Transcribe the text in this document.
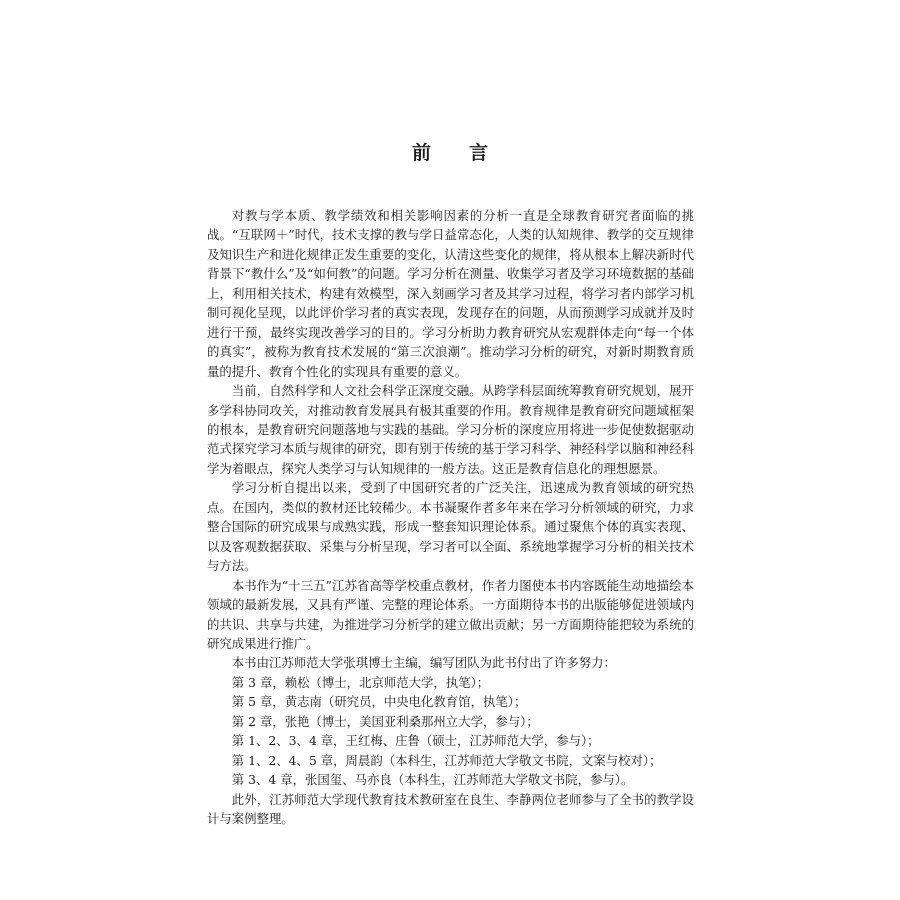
前言

对教与学本质、教学绩效和相关影响因素的分析一直是全球教育研究者面临的挑战。“互联网＋”时代，技术支撑的教与学日益常态化，人类的认知规律、教学的交互规律及知识生产和进化规律正发生重要的变化，认清这些变化的规律，将从根本上解决新时代背景下“教什么”及“如何教”的问题。学习分析在测量、收集学习者及学习环境数据的基础上，利用相关技术，构建有效模型，深入刻画学习者及其学习过程，将学习者内部学习机制可视化呈现，以此评价学习者的真实表现，发现存在的问题，从而预测学习成就并及时进行干预，最终实现改善学习的目的。学习分析助力教育研究从宏观群体走向“每一个体的真实”，被称为教育技术发展的“第三次浪潮”。推动学习分析的研究，对新时期教育质量的提升、教育个性化的实现具有重要的意义。

当前，自然科学和人文社会科学正深度交融。从跨学科层面统筹教育研究规划，展开多学科协同攻关，对推动教育发展具有极其重要的作用。教育规律是教育研究问题域框架的根本，是教育研究问题落地与实践的基础。学习分析的深度应用将进一步促使数据驱动范式探究学习本质与规律的研究，即有别于传统的基于学习科学、神经科学以脑和神经科学为着眼点，探究人类学习与认知规律的一般方法。这正是教育信息化的理想愿景。

学习分析自提出以来，受到了中国研究者的广泛关注，迅速成为教育领域的研究热点。在国内，类似的教材还比较稀少。本书凝聚作者多年来在学习分析领域的研究，力求整合国际的研究成果与成熟实践，形成一整套知识理论体系。通过聚焦个体的真实表现、以及客观数据获取、采集与分析呈现，学习者可以全面、系统地掌握学习分析的相关技术与方法。

本书作为“十三五”江苏省高等学校重点教材，作者力图使本书内容既能生动地描绘本领域的最新发展，又具有严谨、完整的理论体系。一方面期待本书的出版能够促进领域内的共识、共享与共建，为推进学习分析学的建立做出贡献；另一方面期待能把较为系统的研究成果进行推广。

本书由江苏师范大学张琪博士主编，编写团队为此书付出了许多努力：

第 3 章，赖松（博士，北京师范大学，执笔）；
第 5 章，黄志南（研究员，中央电化教育馆，执笔）；
第 2 章，张艳（博士，美国亚利桑那州立大学，参与）；
第 1、2、3、4 章，王红梅、庄鲁（硕士，江苏师范大学，参与）；
第 1、2、4、5 章，周晨韵（本科生，江苏师范大学敬文书院，文案与校对）；
第 3、4 章，张国玺、马亦良（本科生，江苏师范大学敬文书院，参与）。

此外，江苏师范大学现代教育技术教研室在良生、李静两位老师参与了全书的教学设计与案例整理。
